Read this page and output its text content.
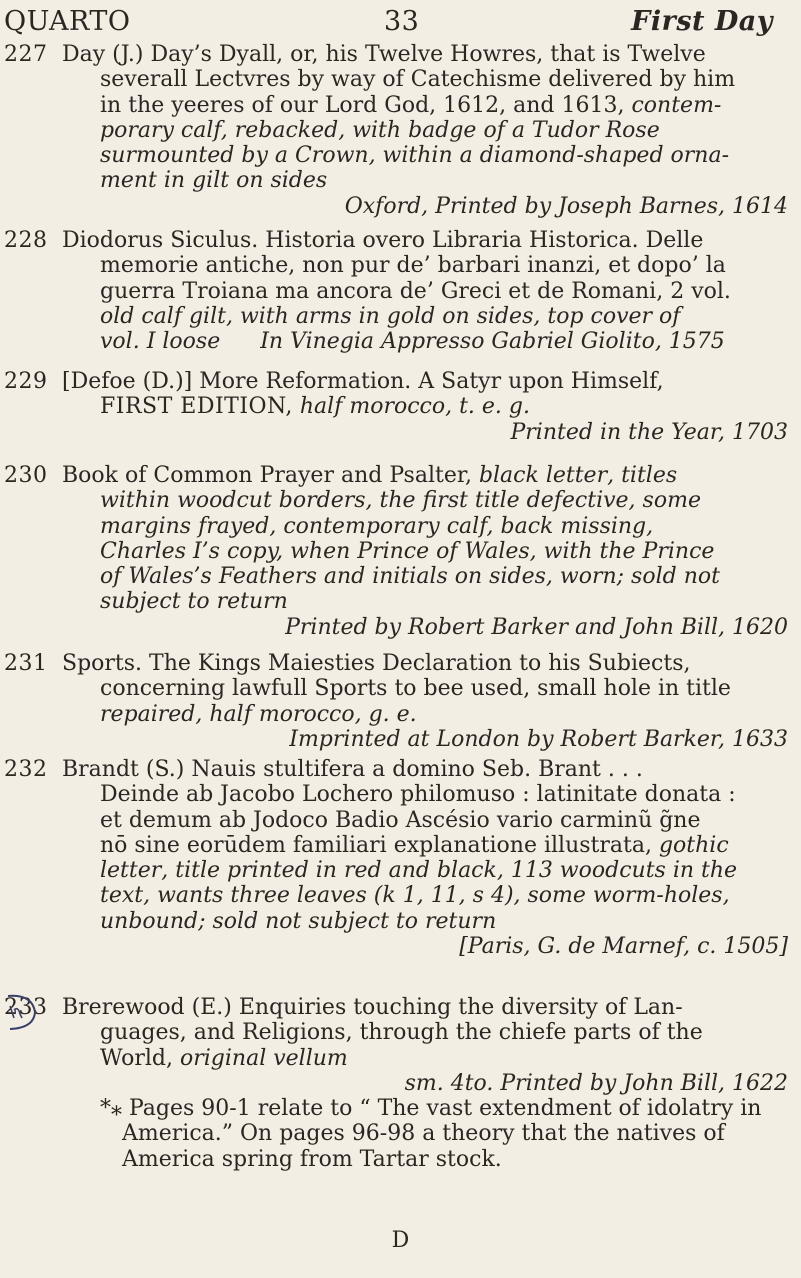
QUARTO	33	First Day
227 Day (J.) Day’s Dyall, or, his Twelve Howres, that is Twelve
severall Lectvres by way of Catechisme delivered by him
in the yeeres of our Lord God, 1612, and 1613, contem-
porary calf, rebacked, with badge of a Tudor Rose
surmounted by a Crown, within a diamond-shaped orna-
ment in gilt on sides
Oxford, Printed by Joseph Barnes, 1614
228 Diodorus Siculus. Historia overo Libraria Historica. Delle
memorie antiche, non pur de’ barbari inanzi, et dopo’ la
guerra Troiana ma ancora de’ Greci et de Romani, 2 vol.
old calf gilt, with arms in gold on sides, top cover of
vol. I loose In Vinegia Appresso Gabriel Giolito, 1575
229 [Defoe (D.)] More Reformation. A Satyr upon Himself,
FIRST EDITION, half morocco, t. e. g.
Printed in the Year, 1703
230 Book of Common Prayer and Psalter, black letter, titles
within woodcut borders, the first title defective, some
margins frayed, contemporary calf, back missing,
Charles I’s copy, when Prince of Wales, with the Prince
of Wales’s Feathers and initials on sides, worn; sold not
subject to return
Printed by Robert Barker and John Bill, 1620
231 Sports. The Kings Maiesties Declaration to his Subiects,
concerning lawfull Sports to bee used, small hole in title
repaired, half morocco, g. e.
Imprinted at London by Robert Barker, 1633
232 Brandt (S.) Nauis stultifera a domino Seb. Brant . . .
Deinde ab Jacobo Lochero philomuso : latinitate donata :
et demum ab Jodoco Badio Ascésio vario carminũ g̃ne
nō sine eorūdem familiari explanatione illustrata, gothic
letter, title printed in red and black, 113 woodcuts in the
text, wants three leaves (k 1, 11, s 4), some worm-holes,
unbound; sold not subject to return
[Paris, G. de Marnef, c. 1505]
233 Brerewood (E.) Enquiries touching the diversity of Lan-
guages, and Religions, through the chiefe parts of the
World, original vellum
sm. 4to. Printed by John Bill, 1622
*⁎ Pages 90-1 relate to “ The vast extendment of idolatry in
America.” On pages 96-98 a theory that the natives of
America spring from Tartar stock.
D
